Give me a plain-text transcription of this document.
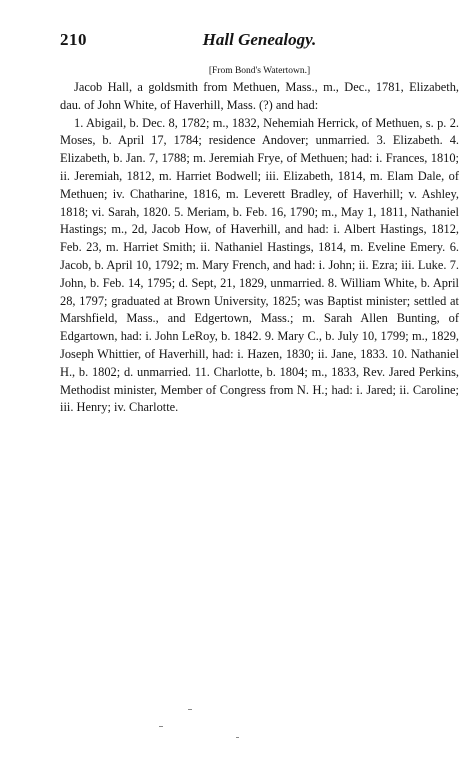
Hall Genealogy.
210
[From Bond's Watertown.]

Jacob Hall, a goldsmith from Methuen, Mass., m., Dec., 1781, Elizabeth, dau. of John White, of Haverhill, Mass. (?) and had:

1. Abigail, b. Dec. 8, 1782; m., 1832, Nehemiah Herrick, of Methuen, s. p. 2. Moses, b. April 17, 1784; residence Andover; unmarried. 3. Elizabeth. 4. Elizabeth, b. Jan. 7, 1788; m. Jeremiah Frye, of Methuen; had: i. Frances, 1810; ii. Jeremiah, 1812, m. Harriet Bodwell; iii. Elizabeth, 1814, m. Elam Dale, of Methuen; iv. Chatharine, 1816, m. Leverett Bradley, of Haverhill; v. Ashley, 1818; vi. Sarah, 1820. 5. Meriam, b. Feb. 16, 1790; m., May 1, 1811, Nathaniel Hastings; m., 2d, Jacob How, of Haverhill, and had: i. Albert Hastings, 1812, Feb. 23, m. Harriet Smith; ii. Nathaniel Hastings, 1814, m. Eveline Emery. 6. Jacob, b. April 10, 1792; m. Mary French, and had: i. John; ii. Ezra; iii. Luke. 7. John, b. Feb. 14, 1795; d. Sept, 21, 1829, unmarried. 8. William White, b. April 28, 1797; graduated at Brown University, 1825; was Baptist minister; settled at Marshfield, Mass., and Edgertown, Mass.; m. Sarah Allen Bunting, of Edgartown, had: i. John LeRoy, b. 1842. 9. Mary C., b. July 10, 1799; m., 1829, Joseph Whittier, of Haverhill, had: i. Hazen, 1830; ii. Jane, 1833. 10. Nathaniel H., b. 1802; d. unmarried. 11. Charlotte, b. 1804; m., 1833, Rev. Jared Perkins, Methodist minister, Member of Congress from N. H.; had: i. Jared; ii. Caroline; iii. Henry; iv. Charlotte.
